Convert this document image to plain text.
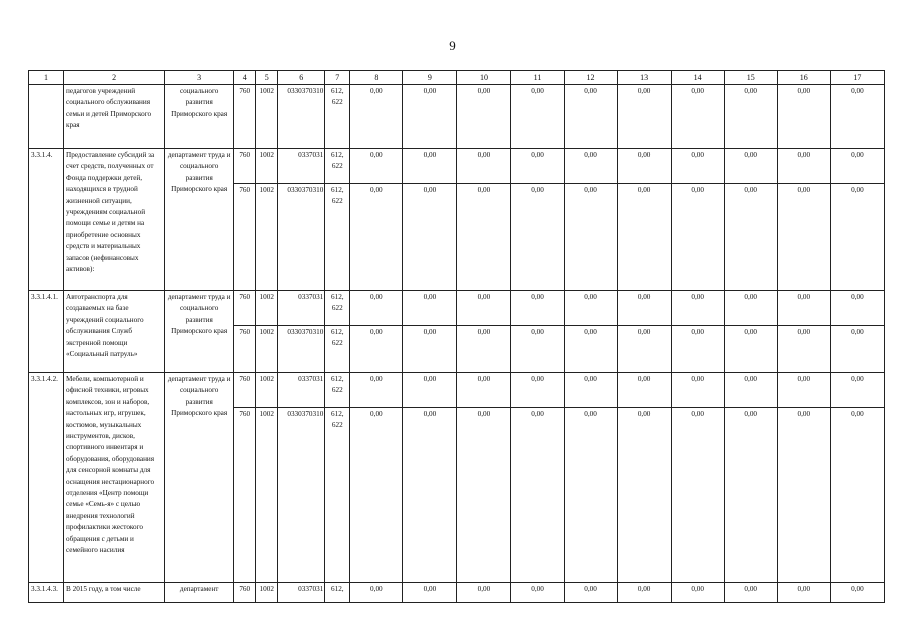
9
1	2	3	4	5	6	7	8	9	10	11	12	13	14	15	16	17
	педагогов учреждений социального обслуживания семьи и детей Приморского края	социального развития Приморского края	760	1002	0330370310	612, 622	0,00	0,00	0,00	0,00	0,00	0,00	0,00	0,00	0,00	0,00
3.3.1.4.	Предоставление субсидий за счет средств, полученных от Фонда поддержки детей, находящихся в трудной жизненной ситуации, учреждениям социальной помощи семье и детям на приобретение основных средств и материальных запасов (нефинансовых активов):	департамент труда и социального развития Приморского края	760	1002	0337031	612, 622	0,00	0,00	0,00	0,00	0,00	0,00	0,00	0,00	0,00	0,00
			760	1002	0330370310	612, 622	0,00	0,00	0,00	0,00	0,00	0,00	0,00	0,00	0,00	0,00
3.3.1.4.1.	Автотранспорта для создаваемых на базе учреждений социального обслуживания Служб экстренной помощи «Социальный патруль»	департамент труда и социального развития Приморского края	760	1002	0337031	612, 622	0,00	0,00	0,00	0,00	0,00	0,00	0,00	0,00	0,00	0,00
			760	1002	0330370310	612, 622	0,00	0,00	0,00	0,00	0,00	0,00	0,00	0,00	0,00	0,00
3.3.1.4.2.	Мебели, компьютерной и офисной техники, игровых комплексов, зон и наборов, настольных игр, игрушек, костюмов, музыкальных инструментов, дисков, спортивного инвентаря и оборудования, оборудования для сенсорной комнаты для оснащения нестационарного отделения «Центр помощи семье «Семь-я» с целью внедрения технологий профилактики жестокого обращения с детьми и семейного насилия	департамент труда и социального развития Приморского края	760	1002	0337031	612, 622	0,00	0,00	0,00	0,00	0,00	0,00	0,00	0,00	0,00	0,00
			760	1002	0330370310	612, 622	0,00	0,00	0,00	0,00	0,00	0,00	0,00	0,00	0,00	0,00
3.3.1.4.3.	В 2015 году, в том числе	департамент	760	1002	0337031	612,	0,00	0,00	0,00	0,00	0,00	0,00	0,00	0,00	0,00	0,00
